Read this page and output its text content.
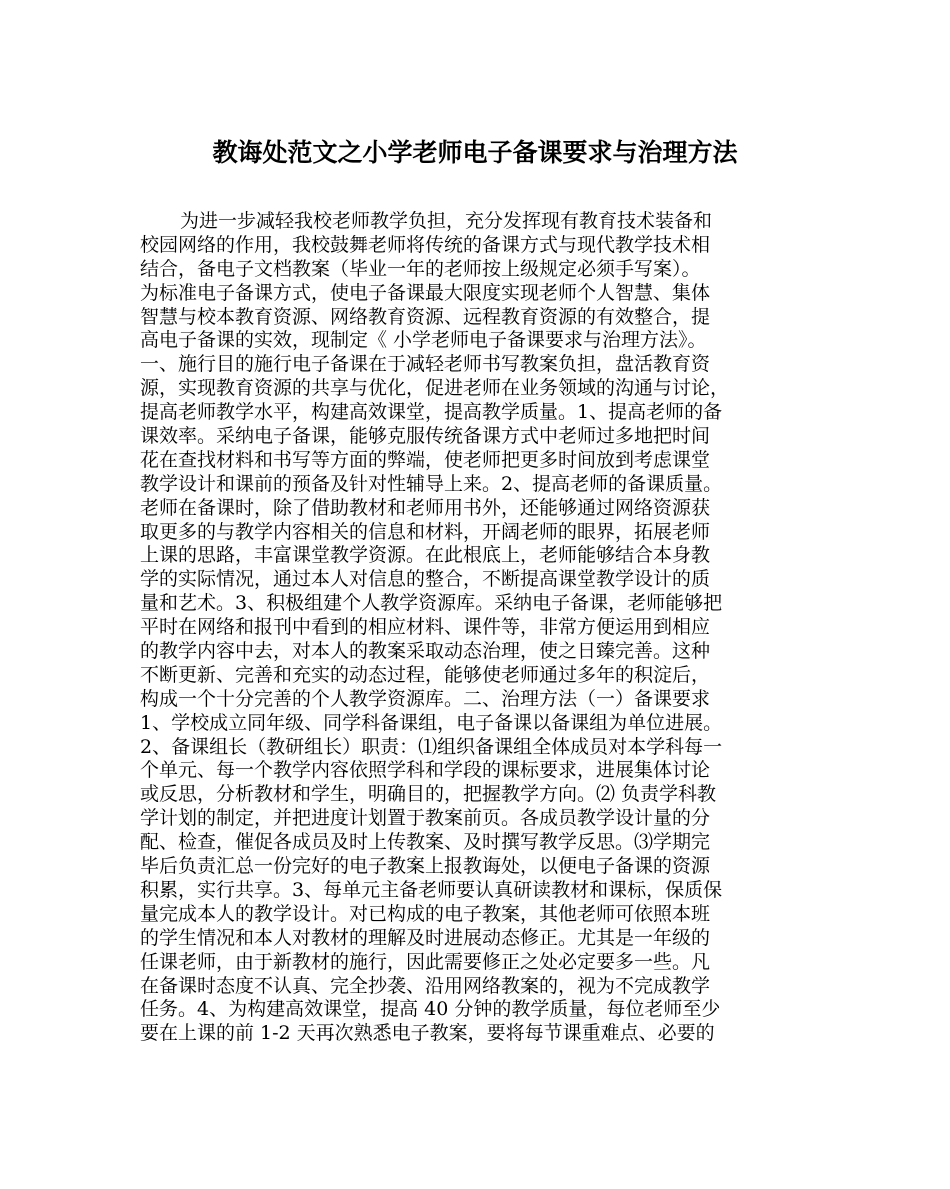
教诲处范文之小学老师电子备课要求与治理方法
为进一步减轻我校老师教学负担，充分发挥现有教育技术装备和
校园网络的作用，我校鼓舞老师将传统的备课方式与现代教学技术相
结合，备电子文档教案（毕业一年的老师按上级规定必须手写案）。
为标准电子备课方式，使电子备课最大限度实现老师个人智慧、集体
智慧与校本教育资源、网络教育资源、远程教育资源的有效整合，提
高电子备课的实效，现制定《 小学老师电子备课要求与治理方法》。
一、施行目的施行电子备课在于减轻老师书写教案负担，盘活教育资
源，实现教育资源的共享与优化，促进老师在业务领域的沟通与讨论，
提高老师教学水平，构建高效课堂，提高教学质量。1、提高老师的备
课效率。采纳电子备课，能够克服传统备课方式中老师过多地把时间
花在查找材料和书写等方面的弊端，使老师把更多时间放到考虑课堂
教学设计和课前的预备及针对性辅导上来。2、提高老师的备课质量。
老师在备课时，除了借助教材和老师用书外，还能够通过网络资源获
取更多的与教学内容相关的信息和材料，开阔老师的眼界，拓展老师
上课的思路，丰富课堂教学资源。在此根底上，老师能够结合本身教
学的实际情况，通过本人对信息的整合，不断提高课堂教学设计的质
量和艺术。3、积极组建个人教学资源库。采纳电子备课，老师能够把
平时在网络和报刊中看到的相应材料、课件等，非常方便运用到相应
的教学内容中去，对本人的教案采取动态治理，使之日臻完善。这种
不断更新、完善和充实的动态过程，能够使老师通过多年的积淀后，
构成一个十分完善的个人教学资源库。二、治理方法（一）备课要求
1、学校成立同年级、同学科备课组，电子备课以备课组为单位进展。
2、备课组长（教研组长）职责：⑴组织备课组全体成员对本学科每一
个单元、每一个教学内容依照学科和学段的课标要求，进展集体讨论
或反思，分析教材和学生，明确目的，把握教学方向。⑵ 负责学科教
学计划的制定，并把进度计划置于教案前页。各成员教学设计量的分
配、检查，催促各成员及时上传教案、及时撰写教学反思。⑶学期完
毕后负责汇总一份完好的电子教案上报教诲处，以便电子备课的资源
积累，实行共享。3、每单元主备老师要认真研读教材和课标，保质保
量完成本人的教学设计。对已构成的电子教案，其他老师可依照本班
的学生情况和本人对教材的理解及时进展动态修正。尤其是一年级的
任课老师，由于新教材的施行，因此需要修正之处必定要多一些。凡
在备课时态度不认真、完全抄袭、沿用网络教案的，视为不完成教学
任务。4、为构建高效课堂，提高 40 分钟的教学质量，每位老师至少
要在上课的前 1-2 天再次熟悉电子教案，要将每节课重难点、必要的
